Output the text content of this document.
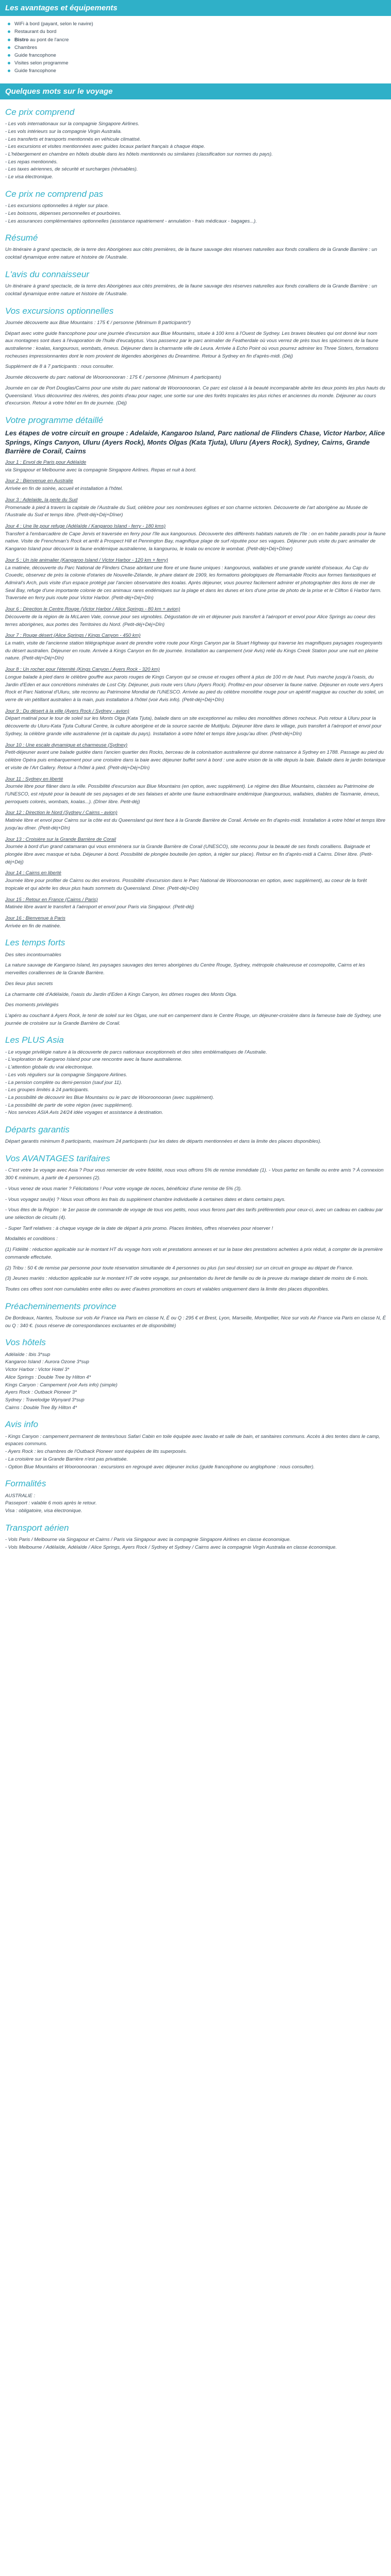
Les avantages et équipements
WiFi à bord (payant, selon le navire)
Restaurant du bord
Bistro au pont de l'ancre
Chambres
Guide francophone
Visites selon programme
Guide francophone
Quelques mots sur le voyage
Ce prix comprend

- Les vols internationaux sur la compagnie Singapore Airlines.

- Les vols intérieurs sur la compagnie Virgin Australia.

- Les transferts et transports mentionnés en véhicule climatisé.

- Les excursions et visites mentionnées avec guides locaux parlant français à chaque étape.

- L'hébergement en chambre en hôtels double dans les hôtels mentionnés ou similaires (classification sur normes du pays).

- Les repas mentionnés.

- Les taxes aériennes, de sécurité et surcharges (révisables).

- Le visa électronique.

Ce prix ne comprend pas

- Les excursions optionnelles à régler sur place.

- Les boissons, dépenses personnelles et pourboires.

- Les assurances complémentaires optionnelles (assistance rapatriement - annulation - frais médicaux - bagages...).

Résumé

Un itinéraire à grand spectacle, de la terre des Aborigènes aux cités premières, de la faune sauvage des réserves naturelles aux fonds coralliens de la Grande Barrière : un cocktail dynamique entre nature et histoire de l'Australie.

L'avis du connaisseur

Un itinéraire à grand spectacle, de la terre des Aborigènes aux cités premières, de la faune sauvage des réserves naturelles aux fonds coralliens de la Grande Barrière : un cocktail dynamique entre nature et histoire de l'Australie.

Vos excursions optionnelles

Journée découverte aux Blue Mountains : 175 € / personne (Minimum 8 participants*)

Départ avec votre guide francophone pour une journée d'excursion aux Blue Mountains, située à 100 kms à l'Ouest de Sydney. Les braves bleutées qui ont donné leur nom aux montagnes sont dues à l'évaporation de l'huile d'eucalyptus. Vous passerez par le parc animalier de Featherdale où vous verrez de près tous les spécimens de la faune australienne : koalas, kangourous, wombats, émeus. Déjeuner dans la charmante ville de Leura. Arrivée à Echo Point où vous pourrez admirer les Three Sisters, formations rocheuses impressionnantes dont le nom provient de légendes aborigènes du Dreamtime. Retour à Sydney en fin d'après-midi. (Déj)

Supplément de 8 à 7 participants : nous consulter.

Journée découverte du parc national de Wooroonooran : 175 € / personne (Minimum 4 participants)

Journée en car de Port Douglas/Cairns pour une visite du parc national de Wooroonooran. Ce parc est classé à la beauté incomparable abrite les deux points les plus hauts du Queensland. Vous découvrirez des rivières, des points d'eau pour nager, une sortie sur une des forêts tropicales les plus riches et anciennes du monde. Déjeuner au cours d'excursion. Retour à votre hôtel en fin de journée. (Déj)

Votre programme détaillé
Les étapes de votre circuit en groupe : Adelaide, Kangaroo Island, Parc national de Flinders Chase, Victor Harbor, Alice Springs, Kings Canyon, Uluru (Ayers Rock), Monts Olgas (Kata Tjuta), Uluru (Ayers Rock), Sydney, Cairns, Grande Barrière de Corail, Cairns
Jour 1 : Envol de Paris pour Adélaïde
via Singapour et Melbourne avec la compagnie Singapore Airlines. Repas et nuit à bord.
Jour 2 : Bienvenue en Australie
Arrivée en fin de soirée, accueil et installation à l'hôtel.
Jour 3 : Adelaide, la perle du Sud
Promenade à pied à travers la capitale de l'Australie du Sud, célèbre pour ses nombreuses églises et son charme victorien. Découverte de l'art aborigène au Musée de l'Australie du Sud et temps libre. (Petit-déj+Déj+Dîner)
Jour 4 : Une île pour refuge (Adélaïde / Kangaroo Island - ferry - 180 kms)
Transfert à l'embarcadère de Cape Jervis et traversée en ferry pour l'île aux kangourous. Découverte des différents habitats naturels de l'île : on en habite paradis pour la faune native. Visite de Frenchman's Rock et arrêt à Prospect Hill et Pennington Bay, magnifique plage de surf réputée pour ses vagues. Déjeuner puis visite du parc animalier de Kangaroo Island pour découvrir la faune endémique australienne, la kangourou, le koala ou encore le wombat. (Petit-déj+Déj+Dîner)
Jour 5 : Un isle animalier (Kangaroo Island / Victor Harbor - 120 km + ferry)
La matinée, découverte du Parc National de Flinders Chase abritant une flore et une faune uniques : kangourous, wallabies et une grande variété d'oiseaux. Au Cap du Couedic, observez de près la colonie d'otaries de Nouvelle-Zélande, le phare datant de 1909, les formations géologiques de Remarkable Rocks aux formes fantastiques et Admiral's Arch, puis visite d'un espace protégé par l'ancien observatoire des koalas. Après déjeuner, vous pourrez facilement admirer et photographier des lions de mer de Seal Bay, refuge d'une importante colonie de ces animaux rares endémiques sur la plage et dans les dunes et lors d'une prise de photo de la prise et le Clifton 6 Harbor farm. Traversée en ferry puis route pour Victor Harbor. (Petit-déj+Déj+Dîn)
Jour 6 : Direction le Centre Rouge (Victor Harbor / Alice Springs - 80 km + avion)
Découverte de la région de la McLaren Vale, connue pour ses vignobles. Dégustation de vin et déjeuner puis transfert à l'aéroport et envol pour Alice Springs au coeur des terres aborigènes, aux portes des Territoires du Nord. (Petit-déj+Déj+Dîn)
Jour 7 : Rouge désert (Alice Springs / Kings Canyon - 450 km)
La matin, visite de l'ancienne station télégraphique avant de prendre votre route pour Kings Canyon par la Stuart Highway qui traverse les magnifiques paysages rougeoyants du désert australien. Déjeuner en route. Arrivée à Kings Canyon en fin de journée. Installation au campement (voir Avis) relié du Kings Creek Station pour une nuit en pleine nature. (Petit-déj+Déj+Dîn)
Jour 8 : Un rocher pour l'éternité (Kings Canyon / Ayers Rock - 320 km)
Longue balade à pied dans le célèbre gouffre aux parois rouges de Kings Canyon qui se creuse et rouges offrent à plus de 100 m de haut. Puis marche jusqu'à l'oasis, du Jardin d'Eden et aux concrétions minérales de Lost City. Déjeuner, puis route vers Uluru (Ayers Rock). Profitez-en pour observer la faune native. Déjeuner en route vers Ayers Rock et Parc National d'Uluru, site reconnu au Patrimoine Mondial de l'UNESCO. Arrivée au pied du célèbre monolithe rouge pour un apéritif magique au coucher du soleil, un verre de vin pétillant australien à la main, puis installation à l'hôtel (voir Avis info). (Petit-déj+Déj+Dîn)
Jour 9 : Du désert à la ville (Ayers Rock / Sydney - avion)
Départ matinal pour le tour de soleil sur les Monts Olga (Kata Tjuta), balade dans un site exceptionnel au milieu des monolithes dômes rocheux. Puis retour à Uluru pour la découverte du Uluru-Kata Tjuta Cultural Centre, la culture aborigène et de la source sacrée de Mutitjulu. Déjeuner libre dans le village, puis transfert à l'aéroport et envol pour Sydney, la célèbre grande ville australienne (et la capitale du pays). Installation à votre hôtel et temps libre jusqu'au dîner. (Petit-déj+Dîn)
Jour 10 : Une escale dynamique et charmeuse (Sydney)
Petit-déjeuner avant une balade guidée dans l'ancien quartier des Rocks, berceau de la colonisation australienne qui donne naissance à Sydney en 1788. Passage au pied du célèbre Opéra puis embarquement pour une croisière dans la baie avec déjeuner buffet servi à bord : une autre vision de la ville depuis la baie. Balade dans le jardin botanique et visite de l'Art Gallery. Retour à l'hôtel à pied. (Petit-déj+Déj+Dîn)
Jour 11 : Sydney en liberté
Journée libre pour flâner dans la ville. Possibilité d'excursion aux Blue Mountains (en option, avec supplément). Le régime des Blue Mountains, classées au Patrimoine de l'UNESCO, est réputé pour la beauté de ses paysages et de ses falaises et abrite une faune extraordinaire endémique (kangourous, wallabies, diables de Tasmanie, émeus, perroquets colorés, wombats, koalas...). (Dîner libre. Petit-déj)
Jour 12 : Direction le Nord (Sydney / Cairns - avion)
Matinée libre et envol pour Cairns sur la côte est du Queensland qui tient face à la Grande Barrière de Corail. Arrivée en fin d'après-midi. Installation à votre hôtel et temps libre jusqu'au dîner. (Petit-déj+Dîn)
Jour 13 : Croisière sur la Grande Barrière de Corail
Journée à bord d'un grand catamaran qui vous emmènera sur la Grande Barrière de Corail (UNESCO), site reconnu pour la beauté de ses fonds coralliens. Baignade et plongée libre avec masque et tuba. Déjeuner à bord. Possibilité de plongée bouteille (en option, à régler sur place). Retour en fin d'après-midi à Cairns. Dîner libre. (Petit-déj+Déj)
Jour 14 : Cairns en liberté
Journée libre pour profiter de Cairns ou des environs. Possibilité d'excursion dans le Parc National de Wooroonooran en option, avec supplément), au coeur de la forêt tropicale et qui abrite les deux plus hauts sommets du Queensland. Dîner. (Petit-déj+Dîn)
Jour 15 : Retour en France (Cairns / Paris)
Matinée libre avant le transfert à l'aéroport et envol pour Paris via Singapour. (Petit-déj)
Jour 16 : Bienvenue à Paris
Arrivée en fin de matinée.
Les temps forts

Des sites incontournables

La nature sauvage de Kangaroo Island, les paysages sauvages des terres aborigènes du Centre Rouge, Sydney, métropole chaleureuse et cosmopolite, Cairns et les merveilles coralliennes de la Grande Barrière.

Des lieux plus secrets

La charmante cité d'Adélaïde, l'oasis du Jardin d'Eden à Kings Canyon, les dômes rouges des Monts Olga.

Des moments privilégiés

L'apéro au couchant à Ayers Rock, le tenir de soleil sur les Olgas, une nuit en campement dans le Centre Rouge, un déjeuner-croisière dans la fameuse baie de Sydney, une journée de croisière sur la Grande Barrière de Corail.

Les PLUS Asia

- Le voyage privilégie nature à la découverte de parcs nationaux exceptionnels et des sites emblématiques de l'Australie.

- L'exploration de Kangaroo Island pour une rencontre avec la faune australienne.

- L'attention globale du vrai electronique.

- Les vols réguliers sur la compagnie Singapore Airlines.

- La pension complète ou demi-pension (sauf jour 11).

- Les groupes limités à 24 participants.

- La possibilité de découvrir les Blue Mountains ou le parc de Wooroonooran (avec supplément).

- La possibilité de partir de votre région (avec supplément).

- Nos services ASIA Avis 24/24 idée voyages et assistance à destination.

Départs garantis

Départ garantis minimum 8 participants, maximum 24 participants (sur les dates de départs mentionnées et dans la limite des places disponibles).

Vos AVANTAGES tarifaires

- C'est votre 1e voyage avec Asia ? Pour vous remercier de votre fidélité, nous vous offrons 5% de remise immédiate (1). - Vous partez en famille ou entre amis ? À connexion 300 € minimum, à partir de 4 personnes (2).

- Vous venez de vous marier ? Félicitations ! Pour votre voyage de noces, bénéficiez d'une remise de 5% (3).

- Vous voyagez seul(e) ? Nous vous offrons les frais du supplément chambre individuelle à certaines dates et dans certains pays.

- Vous êtes de la Région : le 1er passe de commande de voyage de tous vos petits, nous vous ferons part des tarifs préférentiels pour ceux-ci, avec un cadeau en cadeau par une sélection de circuits (4).

- Super Tarif relatives : à chaque voyage de la date de départ à prix promo. Places limitées, offres réservées pour réserver !

Modalités et conditions :

(1) Fidélité : réduction applicable sur le montant HT du voyage hors vols et prestations annexes et sur la base des prestations achetées à prix réduit, à compter de la première commande effectuée.

(2) Tribu : 50 € de remise par personne pour toute réservation simultanée de 4 personnes ou plus (un seul dossier) sur un circuit en groupe au départ de France.

(3) Jeunes mariés : réduction applicable sur le montant HT de votre voyage, sur présentation du livret de famille ou de la preuve du mariage datant de moins de 6 mois.

Toutes ces offres sont non cumulables entre elles ou avec d'autres promotions en cours et valables uniquement dans la limite des places disponibles.

Préacheminements province

De Bordeaux, Nantes, Toulouse sur vols Air France via Paris en classe N, É ou Q : 295 € et Brest, Lyon, Marseille, Montpellier, Nice sur vols Air France via Paris en classe N, É ou Q : 340 €. (sous réserve de correspondances excluantes et de disponibilité)

Vos hôtels

Adélaïde : Ibis 3*sup

Kangaroo Island : Aurora Ozone 3*sup

Victor Harbor : Victor Hotel 3*

Alice Springs : Double Tree by Hilton 4*

Kings Canyon : Campement (voir Avis info) (simple)

Ayers Rock : Outback Pioneer 3*

Sydney : Travelodge Wynyard 3*sup

Cairns : Double Tree By Hilton 4*

Avis info

- Kings Canyon : campement permanent de tentes/sous Safari Cabin en toile équipée avec lavabo et salle de bain, et sanitaires communs. Accès à des tentes dans le camp, espaces communs.

- Ayers Rock : les chambres de l'Outback Pioneer sont équipées de lits superposés.

- La croisière sur la Grande Barrière n'est pas privatisée.

- Option Blue Mountains et Wooroonooran : excursions en regroupé avec déjeuner inclus (guide francophone ou anglophone : nous consulter).

Formalités

AUSTRALIE :

Passeport : valable 6 mois après le retour.

Visa : obligatoire, visa électronique.

Transport aérien

- Vols Paris / Melbourne via Singapour et Cairns / Paris via Singapour avec la compagnie Singapore Airlines en classe économique.

- Vols Melbourne / Adélaïde, Adélaïde / Alice Springs, Ayers Rock / Sydney et Sydney / Cairns avec la compagnie Virgin Australia en classe économique.
